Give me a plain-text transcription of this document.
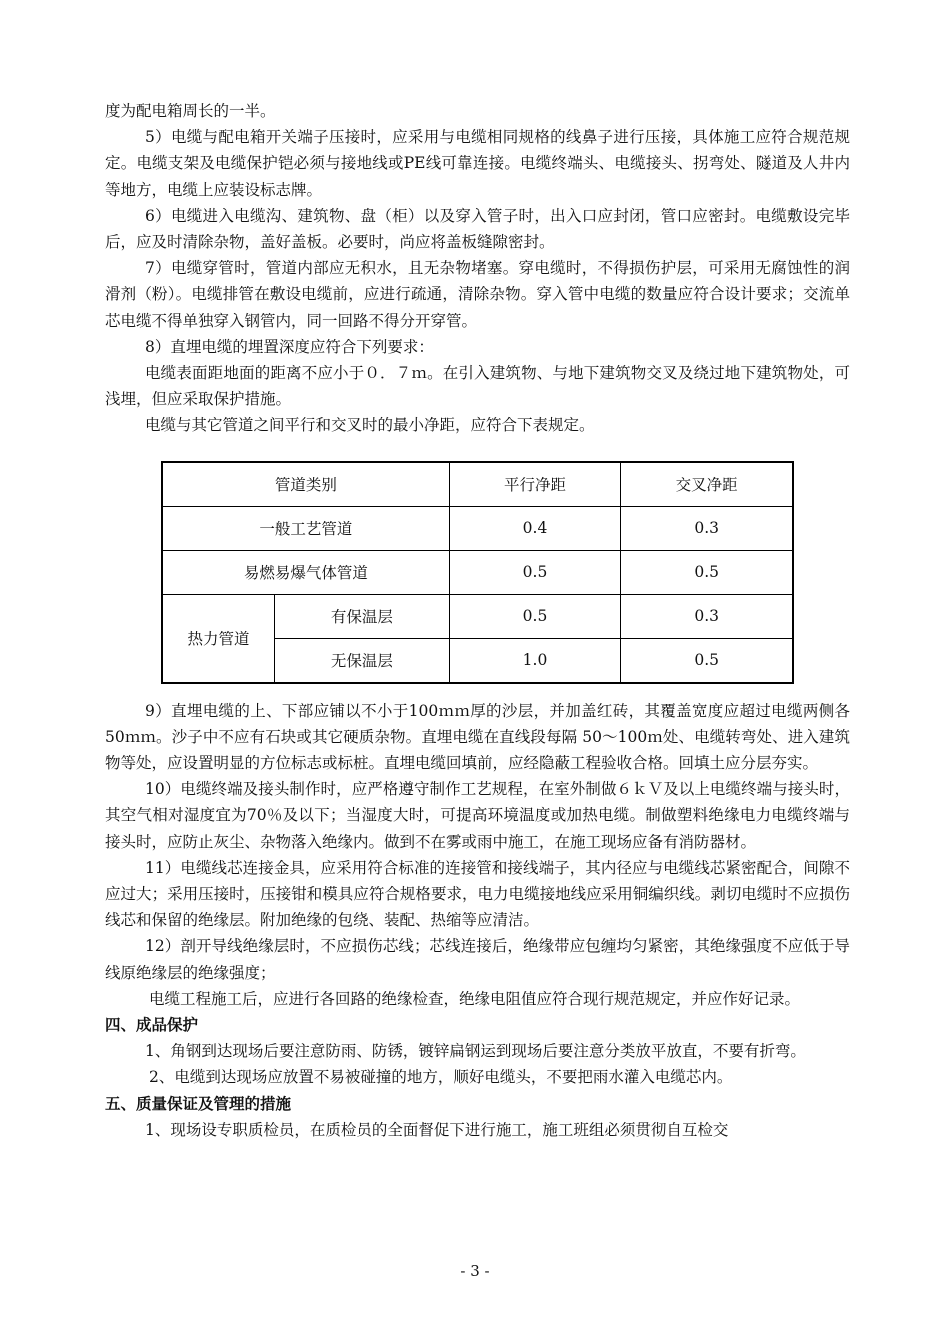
度为配电箱周长的一半。

5）电缆与配电箱开关端子压接时，应采用与电缆相同规格的线鼻子进行压接，具体施工应符合规范规定。电缆支架及电缆保护铠必须与接地线或PE线可靠连接。电缆终端头、电缆接头、拐弯处、隧道及人井内等地方，电缆上应装设标志牌。

6）电缆进入电缆沟、建筑物、盘（柜）以及穿入管子时，出入口应封闭，管口应密封。电缆敷设完毕后，应及时清除杂物，盖好盖板。必要时，尚应将盖板缝隙密封。

7）电缆穿管时，管道内部应无积水，且无杂物堵塞。穿电缆时，不得损伤护层，可采用无腐蚀性的润滑剂（粉）。电缆排管在敷设电缆前，应进行疏通，清除杂物。穿入管中电缆的数量应符合设计要求；交流单芯电缆不得单独穿入钢管内，同一回路不得分开穿管。

8）直埋电缆的埋置深度应符合下列要求：

电缆表面距地面的距离不应小于０．７ｍ。在引入建筑物、与地下建筑物交叉及绕过地下建筑物处，可浅埋，但应采取保护措施。

电缆与其它管道之间平行和交叉时的最小净距，应符合下表规定。

管道类别		平行净距	交叉净距
一般工艺管道		0.4	0.3
易燃易爆气体管道		0.5	0.5
热力管道	有保温层	0.5	0.3
	无保温层	1.0	0.5

9）直埋电缆的上、下部应铺以不小于100ｍｍ厚的沙层，并加盖红砖，其覆盖宽度应超过电缆两侧各50ｍｍ。沙子中不应有石块或其它硬质杂物。直埋电缆在直线段每隔 50～100ｍ处、电缆转弯处、进入建筑物等处，应设置明显的方位标志或标桩。直埋电缆回填前，应经隐蔽工程验收合格。回填土应分层夯实。

10）电缆终端及接头制作时，应严格遵守制作工艺规程，在室外制做６ｋＶ及以上电缆终端与接头时，其空气相对湿度宜为70％及以下；当湿度大时，可提高环境温度或加热电缆。制做塑料绝缘电力电缆终端与接头时，应防止灰尘、杂物落入绝缘内。做到不在雾或雨中施工，在施工现场应备有消防器材。

11）电缆线芯连接金具，应采用符合标准的连接管和接线端子，其内径应与电缆线芯紧密配合，间隙不应过大；采用压接时，压接钳和模具应符合规格要求，电力电缆接地线应采用铜编织线。剥切电缆时不应损伤线芯和保留的绝缘层。附加绝缘的包绕、装配、热缩等应清洁。

12）剖开导线绝缘层时，不应损伤芯线；芯线连接后，绝缘带应包缠均匀紧密，其绝缘强度不应低于导线原绝缘层的绝缘强度；

电缆工程施工后，应进行各回路的绝缘检查，绝缘电阻值应符合现行规范规定，并应作好记录。

四、成品保护

1、角钢到达现场后要注意防雨、防锈，镀锌扁钢运到现场后要注意分类放平放直，不要有折弯。

2、电缆到达现场应放置不易被碰撞的地方，顺好电缆头，不要把雨水灌入电缆芯内。

五、质量保证及管理的措施

1、现场设专职质检员，在质检员的全面督促下进行施工，施工班组必须贯彻自互检交

- 3 -
